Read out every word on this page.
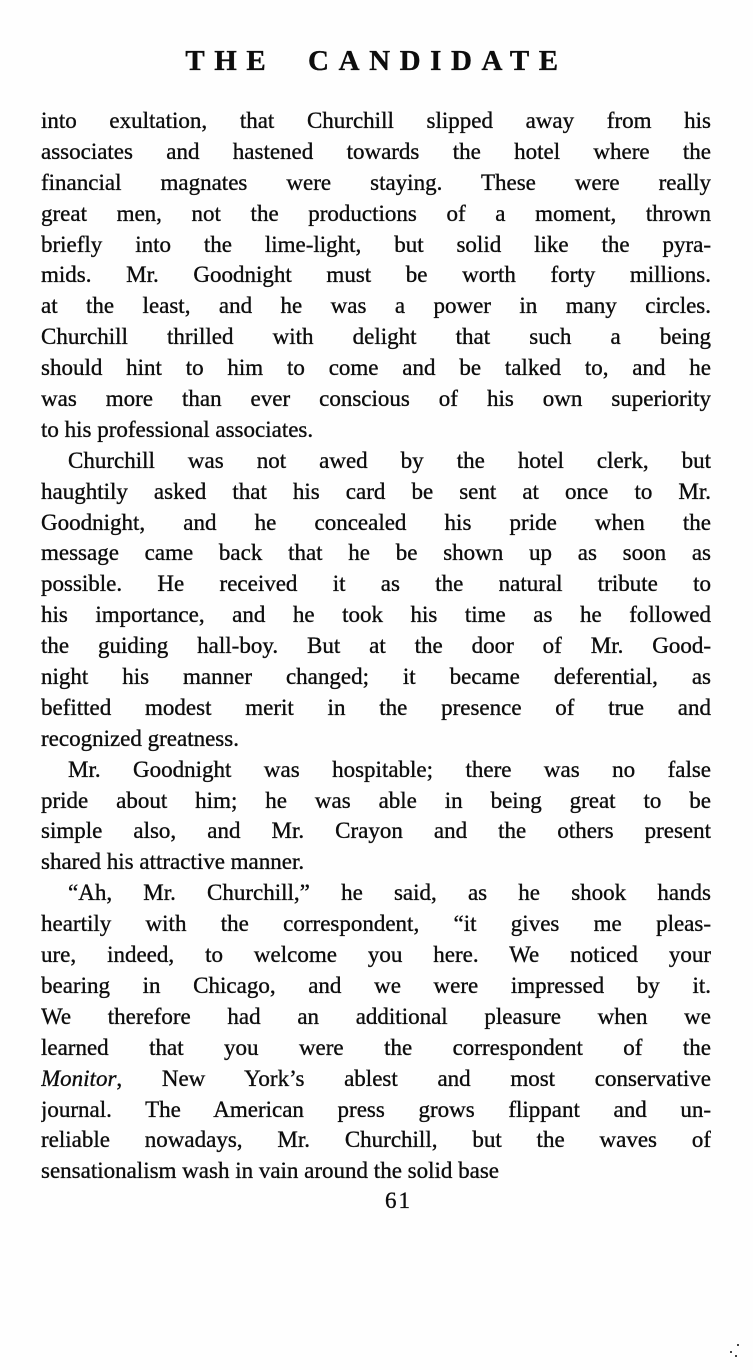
THE CANDIDATE
into exultation, that Churchill slipped away from his
associates and hastened towards the hotel where the
financial magnates were staying. These were really
great men, not the productions of a moment, thrown
briefly into the lime-light, but solid like the pyra-
mids. Mr. Goodnight must be worth forty millions.
at the least, and he was a power in many circles.
Churchill thrilled with delight that such a being
should hint to him to come and be talked to, and he
was more than ever conscious of his own superiority
to his professional associates.
Churchill was not awed by the hotel clerk, but
haughtily asked that his card be sent at once to Mr.
Goodnight, and he concealed his pride when the
message came back that he be shown up as soon as
possible. He received it as the natural tribute to
his importance, and he took his time as he followed
the guiding hall-boy. But at the door of Mr. Good-
night his manner changed; it became deferential, as
befitted modest merit in the presence of true and
recognized greatness.
Mr. Goodnight was hospitable; there was no false
pride about him; he was able in being great to be
simple also, and Mr. Crayon and the others present
shared his attractive manner.
“Ah, Mr. Churchill,” he said, as he shook hands
heartily with the correspondent, “it gives me pleas-
ure, indeed, to welcome you here. We noticed your
bearing in Chicago, and we were impressed by it.
We therefore had an additional pleasure when we
learned that you were the correspondent of the
Monitor, New York’s ablest and most conservative
journal. The American press grows flippant and un-
reliable nowadays, Mr. Churchill, but the waves of
sensationalism wash in vain around the solid base
61
